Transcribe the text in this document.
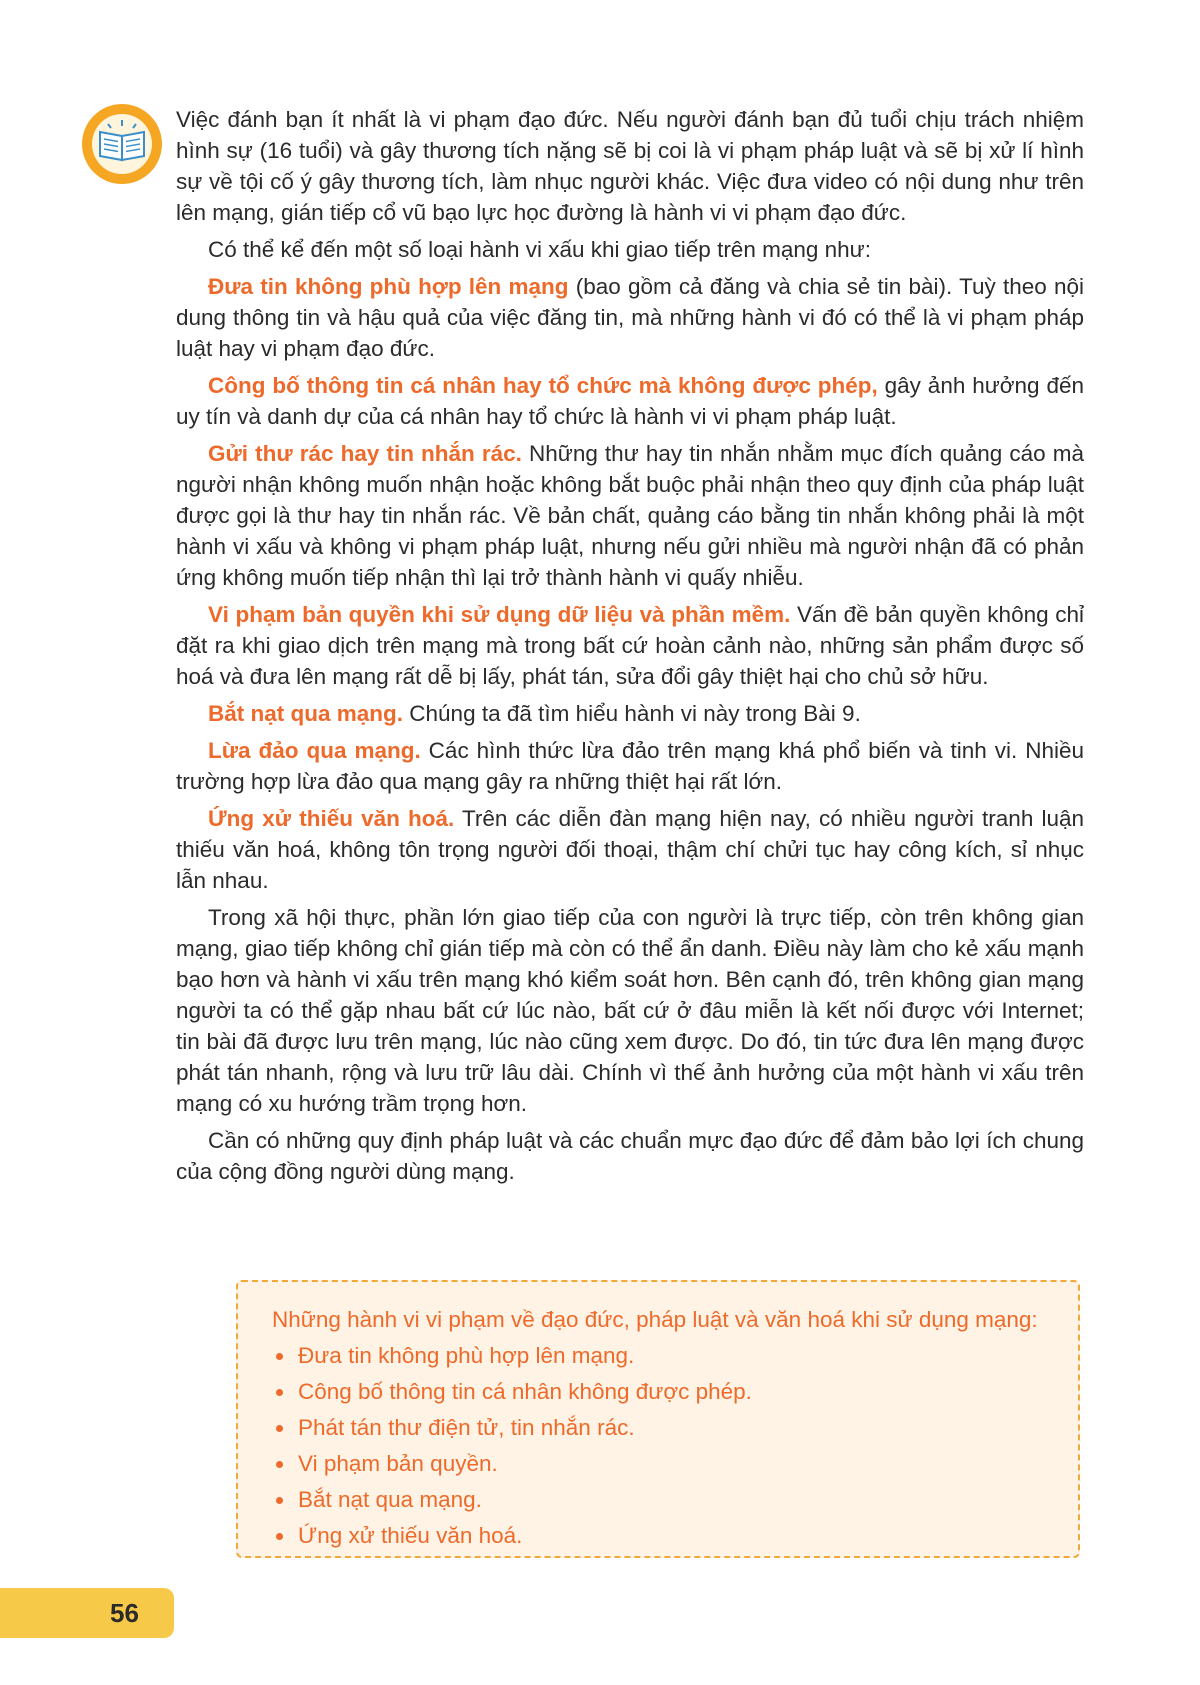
Việc đánh bạn ít nhất là vi phạm đạo đức. Nếu người đánh bạn đủ tuổi chịu trách nhiệm hình sự (16 tuổi) và gây thương tích nặng sẽ bị coi là vi phạm pháp luật và sẽ bị xử lí hình sự về tội cố ý gây thương tích, làm nhục người khác. Việc đưa video có nội dung như trên lên mạng, gián tiếp cổ vũ bạo lực học đường là hành vi vi phạm đạo đức.

Có thể kể đến một số loại hành vi xấu khi giao tiếp trên mạng như:

Đưa tin không phù hợp lên mạng (bao gồm cả đăng và chia sẻ tin bài). Tuỳ theo nội dung thông tin và hậu quả của việc đăng tin, mà những hành vi đó có thể là vi phạm pháp luật hay vi phạm đạo đức.

Công bố thông tin cá nhân hay tổ chức mà không được phép, gây ảnh hưởng đến uy tín và danh dự của cá nhân hay tổ chức là hành vi vi phạm pháp luật.

Gửi thư rác hay tin nhắn rác. Những thư hay tin nhắn nhằm mục đích quảng cáo mà người nhận không muốn nhận hoặc không bắt buộc phải nhận theo quy định của pháp luật được gọi là thư hay tin nhắn rác. Về bản chất, quảng cáo bằng tin nhắn không phải là một hành vi xấu và không vi phạm pháp luật, nhưng nếu gửi nhiều mà người nhận đã có phản ứng không muốn tiếp nhận thì lại trở thành hành vi quấy nhiễu.

Vi phạm bản quyền khi sử dụng dữ liệu và phần mềm. Vấn đề bản quyền không chỉ đặt ra khi giao dịch trên mạng mà trong bất cứ hoàn cảnh nào, những sản phẩm được số hoá và đưa lên mạng rất dễ bị lấy, phát tán, sửa đổi gây thiệt hại cho chủ sở hữu.

Bắt nạt qua mạng. Chúng ta đã tìm hiểu hành vi này trong Bài 9.

Lừa đảo qua mạng. Các hình thức lừa đảo trên mạng khá phổ biến và tinh vi. Nhiều trường hợp lừa đảo qua mạng gây ra những thiệt hại rất lớn.

Ứng xử thiếu văn hoá. Trên các diễn đàn mạng hiện nay, có nhiều người tranh luận thiếu văn hoá, không tôn trọng người đối thoại, thậm chí chửi tục hay công kích, sỉ nhục lẫn nhau.

Trong xã hội thực, phần lớn giao tiếp của con người là trực tiếp, còn trên không gian mạng, giao tiếp không chỉ gián tiếp mà còn có thể ẩn danh. Điều này làm cho kẻ xấu mạnh bạo hơn và hành vi xấu trên mạng khó kiểm soát hơn. Bên cạnh đó, trên không gian mạng người ta có thể gặp nhau bất cứ lúc nào, bất cứ ở đâu miễn là kết nối được với Internet; tin bài đã được lưu trên mạng, lúc nào cũng xem được. Do đó, tin tức đưa lên mạng được phát tán nhanh, rộng và lưu trữ lâu dài. Chính vì thế ảnh hưởng của một hành vi xấu trên mạng có xu hướng trầm trọng hơn.

Cần có những quy định pháp luật và các chuẩn mực đạo đức để đảm bảo lợi ích chung của cộng đồng người dùng mạng.

Những hành vi vi phạm về đạo đức, pháp luật và văn hoá khi sử dụng mạng:
Đưa tin không phù hợp lên mạng.
Công bố thông tin cá nhân không được phép.
Phát tán thư điện tử, tin nhắn rác.
Vi phạm bản quyền.
Bắt nạt qua mạng.
Ứng xử thiếu văn hoá.
56
